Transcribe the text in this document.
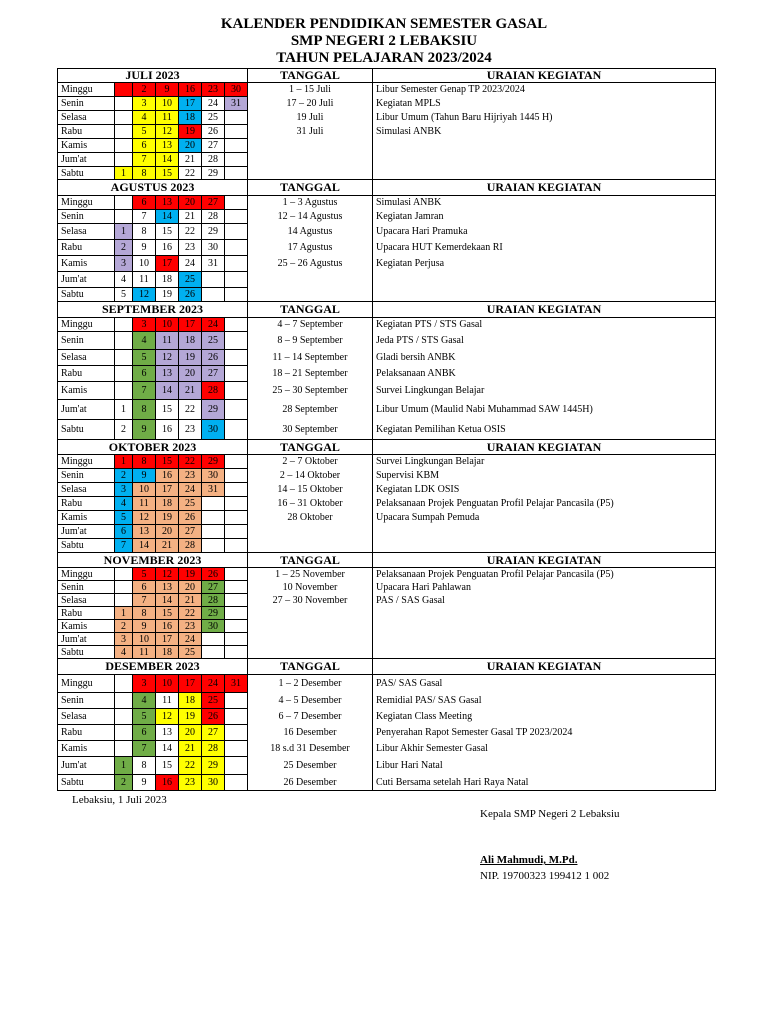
KALENDER PENDIDIKAN SEMESTER GASAL
SMP NEGERI 2 LEBAKSIU
TAHUN PELAJARAN 2023/2024
JULI 2023							TANGGAL	URAIAN KEGIATAN
Minggu		2	9	16	23	30	1 – 15 Juli	Libur Semester Genap TP 2023/2024
Senin		3	10	17	24	31	17 – 20 Juli	Kegiatan MPLS
Selasa		4	11	18	25		19 Juli	Libur Umum (Tahun Baru Hijriyah 1445 H)
Rabu		5	12	19	26		31 Juli	Simulasi ANBK
Kamis		6	13	20	27			
Jum'at		7	14	21	28			
Sabtu	1	8	15	22	29			
AGUSTUS 2023							TANGGAL	URAIAN KEGIATAN
Minggu		6	13	20	27		1 – 3 Agustus	Simulasi ANBK
Senin		7	14	21	28		12 – 14 Agustus	Kegiatan Jamran
Selasa	1	8	15	22	29		14 Agustus	Upacara Hari Pramuka
Rabu	2	9	16	23	30		17 Agustus	Upacara HUT Kemerdekaan RI
Kamis	3	10	17	24	31		25 – 26 Agustus	Kegiatan Perjusa
Jum'at	4	11	18	25				
Sabtu	5	12	19	26				
SEPTEMBER 2023							TANGGAL	URAIAN KEGIATAN
Minggu		3	10	17	24		4 – 7 September	Kegiatan PTS / STS Gasal
Senin		4	11	18	25		8 – 9 September	Jeda PTS / STS Gasal
Selasa		5	12	19	26		11 – 14 September	Gladi bersih ANBK
Rabu		6	13	20	27		18 – 21 September	Pelaksanaan ANBK
Kamis		7	14	21	28		25 – 30 September	Survei Lingkungan Belajar
Jum'at	1	8	15	22	29		28 September	Libur Umum (Maulid Nabi Muhammad SAW 1445H)
Sabtu	2	9	16	23	30		30 September	Kegiatan Pemilihan Ketua OSIS
OKTOBER 2023							TANGGAL	URAIAN KEGIATAN
Minggu	1	8	15	22	29		2 – 7 Oktober	Survei Lingkungan Belajar
Senin	2	9	16	23	30		2 – 14 Oktober	Supervisi KBM
Selasa	3	10	17	24	31		14 – 15 Oktober	Kegiatan LDK OSIS
Rabu	4	11	18	25			16 – 31 Oktober	Pelaksanaan Projek Penguatan Profil Pelajar Pancasila (P5)
Kamis	5	12	19	26			28 Oktober	Upacara Sumpah Pemuda
Jum'at	6	13	20	27				
Sabtu	7	14	21	28				
NOVEMBER 2023							TANGGAL	URAIAN KEGIATAN
Minggu		5	12	19	26		1 – 25 November	Pelaksanaan Projek Penguatan Profil Pelajar Pancasila (P5)
Senin		6	13	20	27		10 November	Upacara Hari Pahlawan
Selasa		7	14	21	28		27 – 30 November	PAS / SAS Gasal
Rabu	1	8	15	22	29			
Kamis	2	9	16	23	30			
Jum'at	3	10	17	24				
Sabtu	4	11	18	25				
DESEMBER 2023							TANGGAL	URAIAN KEGIATAN
Minggu		3	10	17	24	31	1 – 2 Desember	PAS/ SAS Gasal
Senin		4	11	18	25		4 – 5 Desember	Remidial PAS/ SAS Gasal
Selasa		5	12	19	26		6 – 7 Desember	Kegiatan Class Meeting
Rabu		6	13	20	27		16 Desember	Penyerahan Rapot Semester Gasal TP 2023/2024
Kamis		7	14	21	28		18 s.d 31 Desember	Libur Akhir Semester Gasal
Jum'at	1	8	15	22	29		25 Desember	Libur Hari Natal
Sabtu	2	9	16	23	30		26 Desember	Cuti Bersama setelah Hari Raya Natal
Lebaksiu, 1 Juli 2023
Kepala SMP Negeri 2 Lebaksiu
Ali Mahmudi, M.Pd.
NIP. 19700323 199412 1 002
